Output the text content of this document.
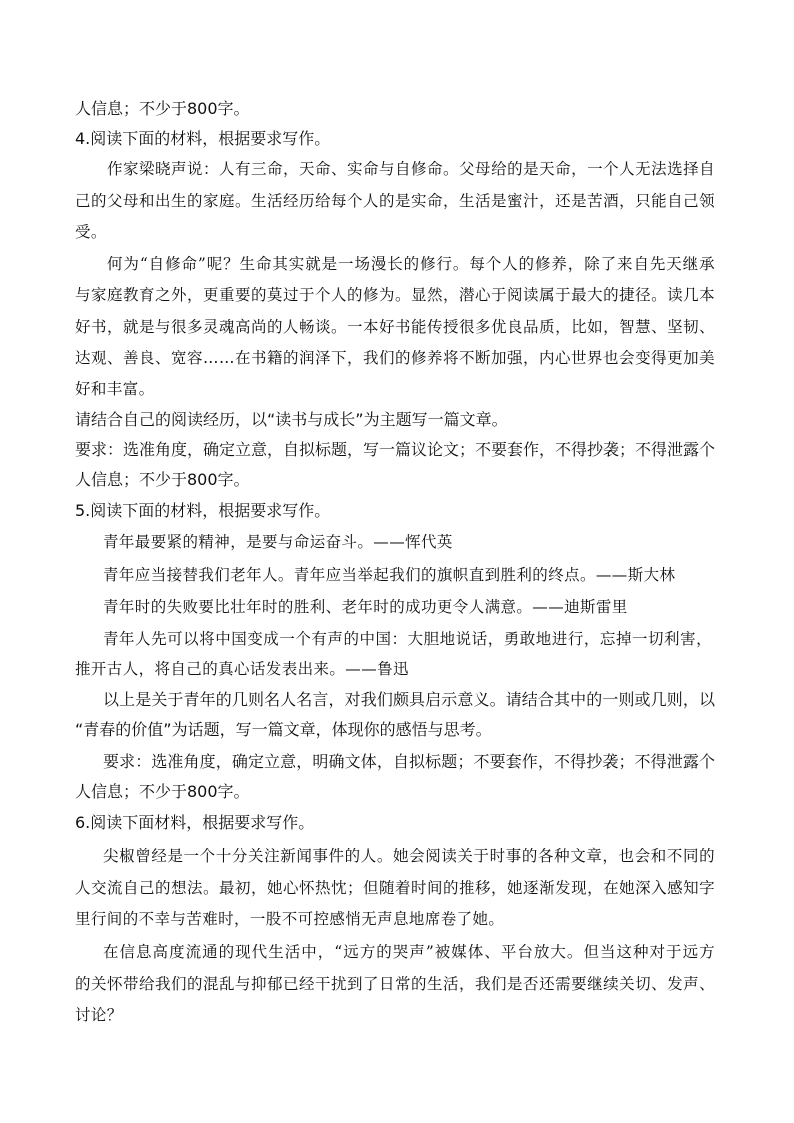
人信息；不少于800字。

4.阅读下面的材料，根据要求写作。

作家梁晓声说：人有三命，天命、实命与自修命。父母给的是天命，一个人无法选择自

己的父母和出生的家庭。生活经历给每个人的是实命，生活是蜜汁，还是苦酒，只能自己领

受。

何为“自修命”呢？生命其实就是一场漫长的修行。每个人的修养，除了来自先天继承

与家庭教育之外，更重要的莫过于个人的修为。显然，潜心于阅读属于最大的捷径。读几本

好书，就是与很多灵魂高尚的人畅谈。一本好书能传授很多优良品质，比如，智慧、坚韧、

达观、善良、宽容……在书籍的润泽下，我们的修养将不断加强，内心世界也会变得更加美

好和丰富。

请结合自己的阅读经历，以“读书与成长”为主题写一篇文章。

要求：选准角度，确定立意，自拟标题，写一篇议论文；不要套作，不得抄袭；不得泄露个

人信息；不少于800字。

5.阅读下面的材料，根据要求写作。

青年最要紧的精神，是要与命运奋斗。——恽代英

青年应当接替我们老年人。青年应当举起我们的旗帜直到胜利的终点。——斯大林

青年时的失败要比壮年时的胜利、老年时的成功更令人满意。——迪斯雷里

青年人先可以将中国变成一个有声的中国：大胆地说话，勇敢地进行，忘掉一切利害，

推开古人，将自己的真心话发表出来。——鲁迅

以上是关于青年的几则名人名言，对我们颇具启示意义。请结合其中的一则或几则，以

“青春的价值”为话题，写一篇文章，体现你的感悟与思考。

要求：选准角度，确定立意，明确文体，自拟标题；不要套作，不得抄袭；不得泄露个

人信息；不少于800字。

6.阅读下面材料，根据要求写作。

尖椒曾经是一个十分关注新闻事件的人。她会阅读关于时事的各种文章，也会和不同的

人交流自己的想法。最初，她心怀热忱；但随着时间的推移，她逐渐发现，在她深入感知字

里行间的不幸与苦难时，一股不可控感悄无声息地席卷了她。

在信息高度流通的现代生活中，“远方的哭声”被媒体、平台放大。但当这种对于远方

的关怀带给我们的混乱与抑郁已经干扰到了日常的生活，我们是否还需要继续关切、发声、

讨论？
